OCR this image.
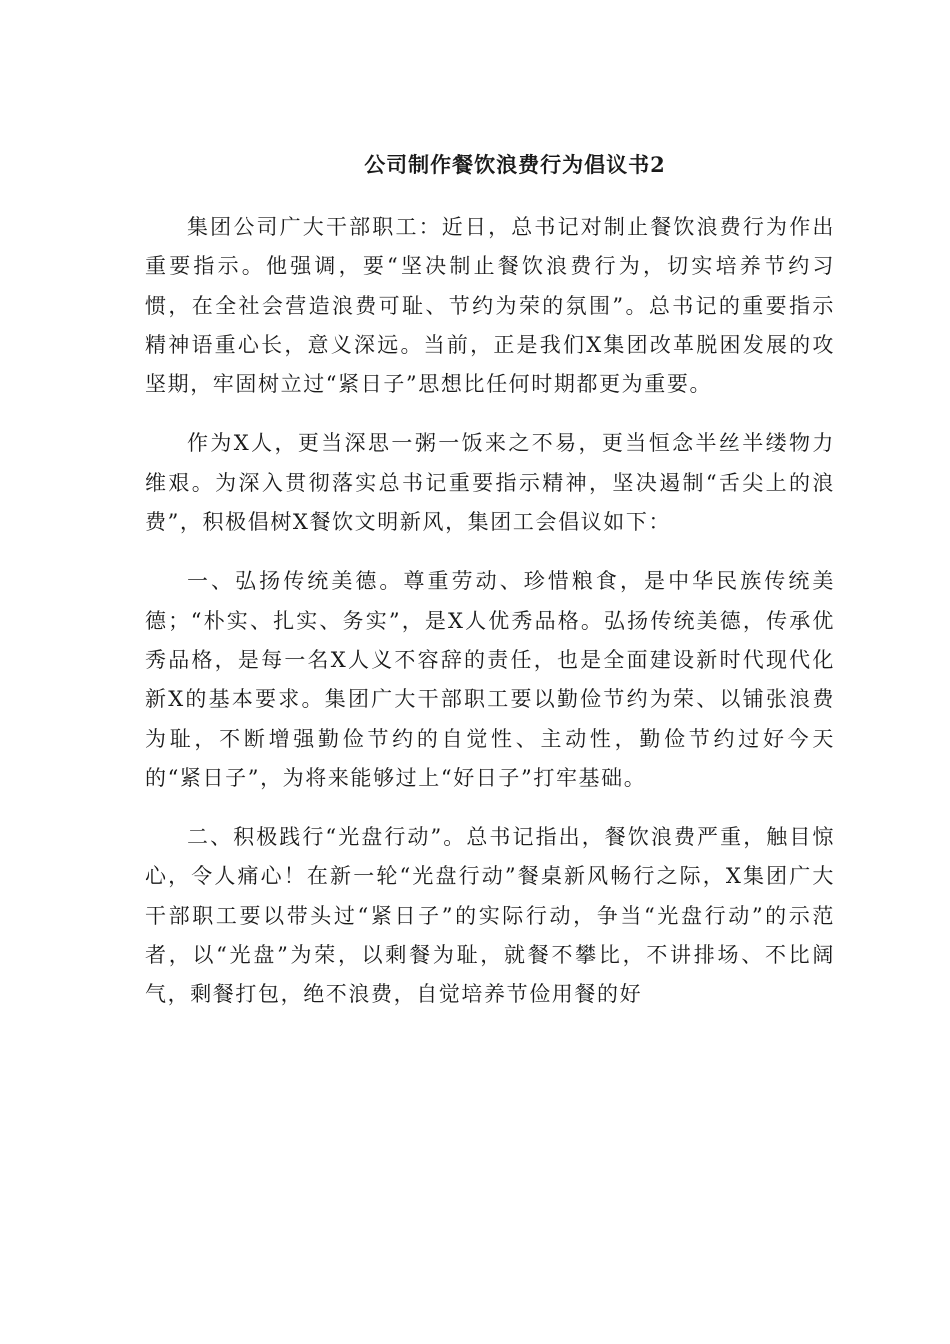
公司制作餐饮浪费行为倡议书2

集团公司广大干部职工：近日，总书记对制止餐饮浪费行为作出重要指示。他强调，要“坚决制止餐饮浪费行为，切实培养节约习惯，在全社会营造浪费可耻、节约为荣的氛围”。总书记的重要指示精神语重心长，意义深远。当前，正是我们X集团改革脱困发展的攻坚期，牢固树立过“紧日子”思想比任何时期都更为重要。

作为X人，更当深思一粥一饭来之不易，更当恒念半丝半缕物力维艰。为深入贯彻落实总书记重要指示精神，坚决遏制“舌尖上的浪费”，积极倡树X餐饮文明新风，集团工会倡议如下：

一、弘扬传统美德。尊重劳动、珍惜粮食，是中华民族传统美德；“朴实、扎实、务实”，是X人优秀品格。弘扬传统美德，传承优秀品格，是每一名X人义不容辞的责任，也是全面建设新时代现代化新X的基本要求。集团广大干部职工要以勤俭节约为荣、以铺张浪费为耻，不断增强勤俭节约的自觉性、主动性，勤俭节约过好今天的“紧日子”，为将来能够过上“好日子”打牢基础。

二、积极践行“光盘行动”。总书记指出，餐饮浪费严重，触目惊心，令人痛心！在新一轮“光盘行动”餐桌新风畅行之际，X集团广大干部职工要以带头过“紧日子”的实际行动，争当“光盘行动”的示范者，以“光盘”为荣，以剩餐为耻，就餐不攀比，不讲排场、不比阔气，剩餐打包，绝不浪费，自觉培养节俭用餐的好
